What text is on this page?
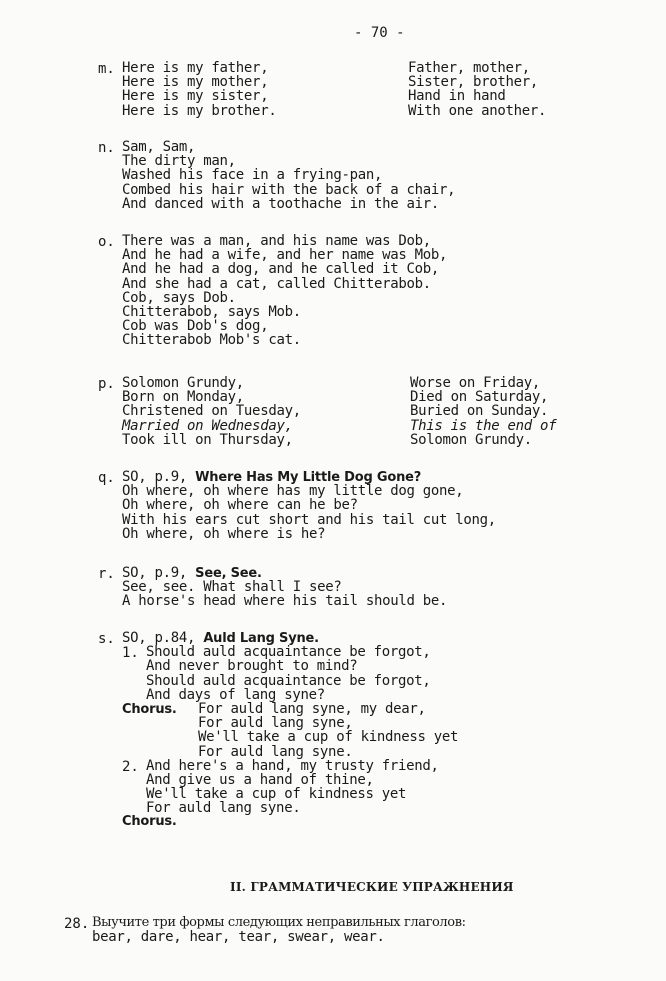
- 70 -
m. Here is my father,
Here is my mother,
Here is my sister,
Here is my brother.
Father, mother,
Sister, brother,
Hand in hand
With one another.
n. Sam, Sam,
The dirty man,
Washed his face in a frying-pan,
Combed his hair with the back of a chair,
And danced with a toothache in the air.
o. There was a man, and his name was Dob,
And he had a wife, and her name was Mob,
And he had a dog, and he called it Cob,
And she had a cat, called Chitterabob.
Cob, says Dob.
Chitterabob, says Mob.
Cob was Dob's dog,
Chitterabob Mob's cat.
p. Solomon Grundy,
Born on Monday,
Christened on Tuesday,
Married on Wednesday,
Took ill on Thursday,
Worse on Friday,
Died on Saturday,
Buried on Sunday.
This is the end of
Solomon Grundy.
q. SO, p.9, Where Has My Little Dog Gone?
Oh where, oh where has my little dog gone,
Oh where, oh where can he be?
With his ears cut short and his tail cut long,
Oh where, oh where is he?
r. SO, p.9, See, See.
See, see. What shall I see?
A horse's head where his tail should be.
s. SO, p.84, Auld Lang Syne.
1. Should auld acquaintance be forgot,
And never brought to mind?
Should auld acquaintance be forgot,
And days of lang syne?
Chorus. For auld lang syne, my dear,
For auld lang syne,
We'll take a cup of kindness yet
For auld lang syne.
2. And here's a hand, my trusty friend,
And give us a hand of thine,
We'll take a cup of kindness yet
For auld lang syne.
Chorus.
II. ГРАММАТИЧЕСКИЕ УПРАЖНЕНИЯ
28. Выучите три формы следующих неправильных глаголов:
bear, dare, hear, tear, swear, wear.
